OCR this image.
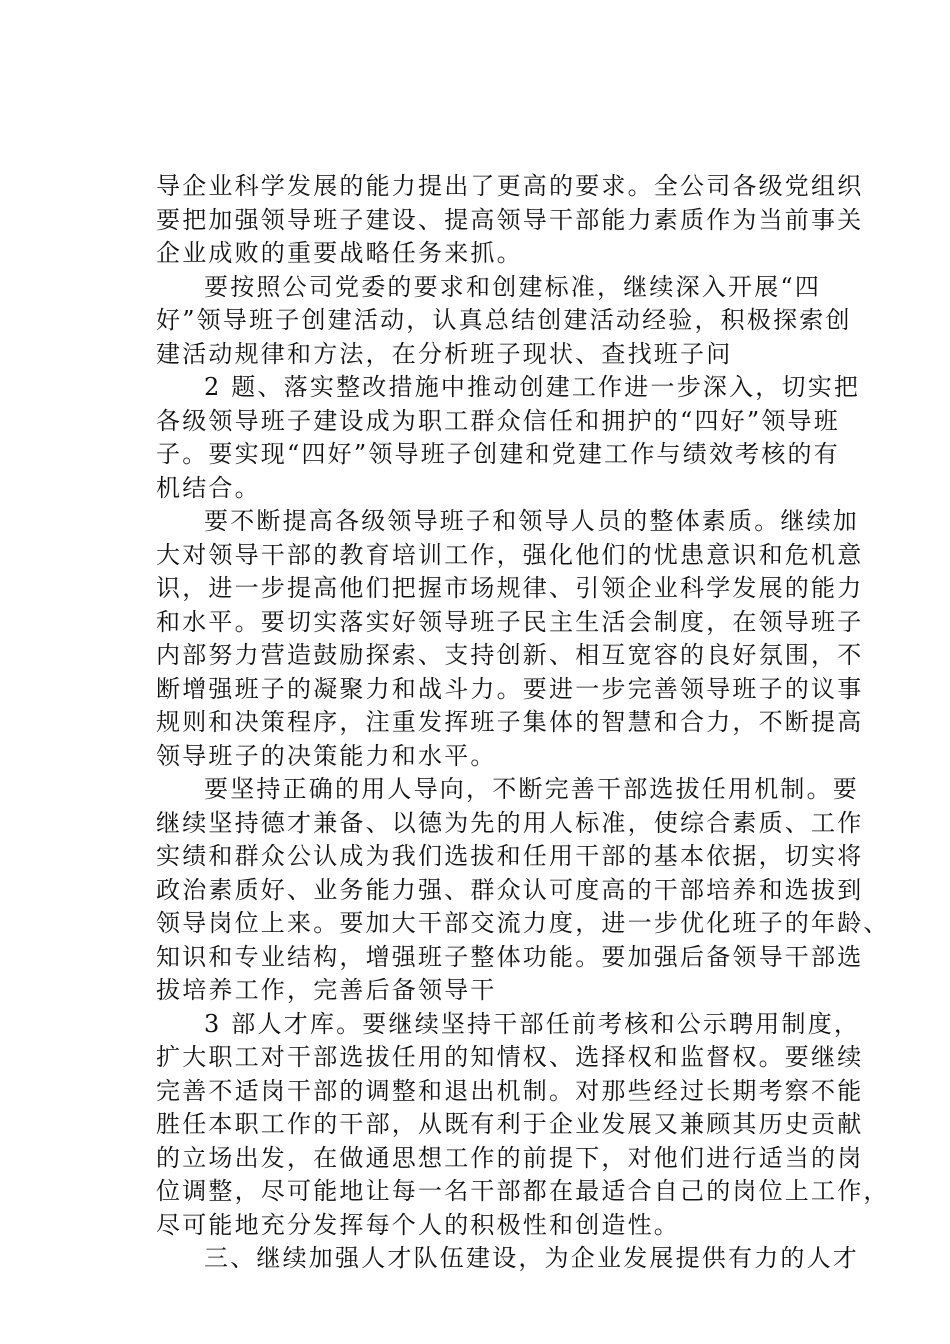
导企业科学发展的能力提出了更高的要求。全公司各级党组织
要把加强领导班子建设、提高领导干部能力素质作为当前事关
企业成败的重要战略任务来抓。
要按照公司党委的要求和创建标准，继续深入开展“四
好”领导班子创建活动，认真总结创建活动经验，积极探索创
建活动规律和方法，在分析班子现状、查找班子问
2 题、落实整改措施中推动创建工作进一步深入，切实把
各级领导班子建设成为职工群众信任和拥护的“四好”领导班
子。要实现“四好”领导班子创建和党建工作与绩效考核的有
机结合。
要不断提高各级领导班子和领导人员的整体素质。继续加
大对领导干部的教育培训工作，强化他们的忧患意识和危机意
识，进一步提高他们把握市场规律、引领企业科学发展的能力
和水平。要切实落实好领导班子民主生活会制度，在领导班子
内部努力营造鼓励探索、支持创新、相互宽容的良好氛围，不
断增强班子的凝聚力和战斗力。要进一步完善领导班子的议事
规则和决策程序，注重发挥班子集体的智慧和合力，不断提高
领导班子的决策能力和水平。
要坚持正确的用人导向，不断完善干部选拔任用机制。要
继续坚持德才兼备、以德为先的用人标准，使综合素质、工作
实绩和群众公认成为我们选拔和任用干部的基本依据，切实将
政治素质好、业务能力强、群众认可度高的干部培养和选拔到
领导岗位上来。要加大干部交流力度，进一步优化班子的年龄、
知识和专业结构，增强班子整体功能。要加强后备领导干部选
拔培养工作，完善后备领导干
3 部人才库。要继续坚持干部任前考核和公示聘用制度，
扩大职工对干部选拔任用的知情权、选择权和监督权。要继续
完善不适岗干部的调整和退出机制。对那些经过长期考察不能
胜任本职工作的干部，从既有利于企业发展又兼顾其历史贡献
的立场出发，在做通思想工作的前提下，对他们进行适当的岗
位调整，尽可能地让每一名干部都在最适合自己的岗位上工作，
尽可能地充分发挥每个人的积极性和创造性。
三、继续加强人才队伍建设，为企业发展提供有力的人才
